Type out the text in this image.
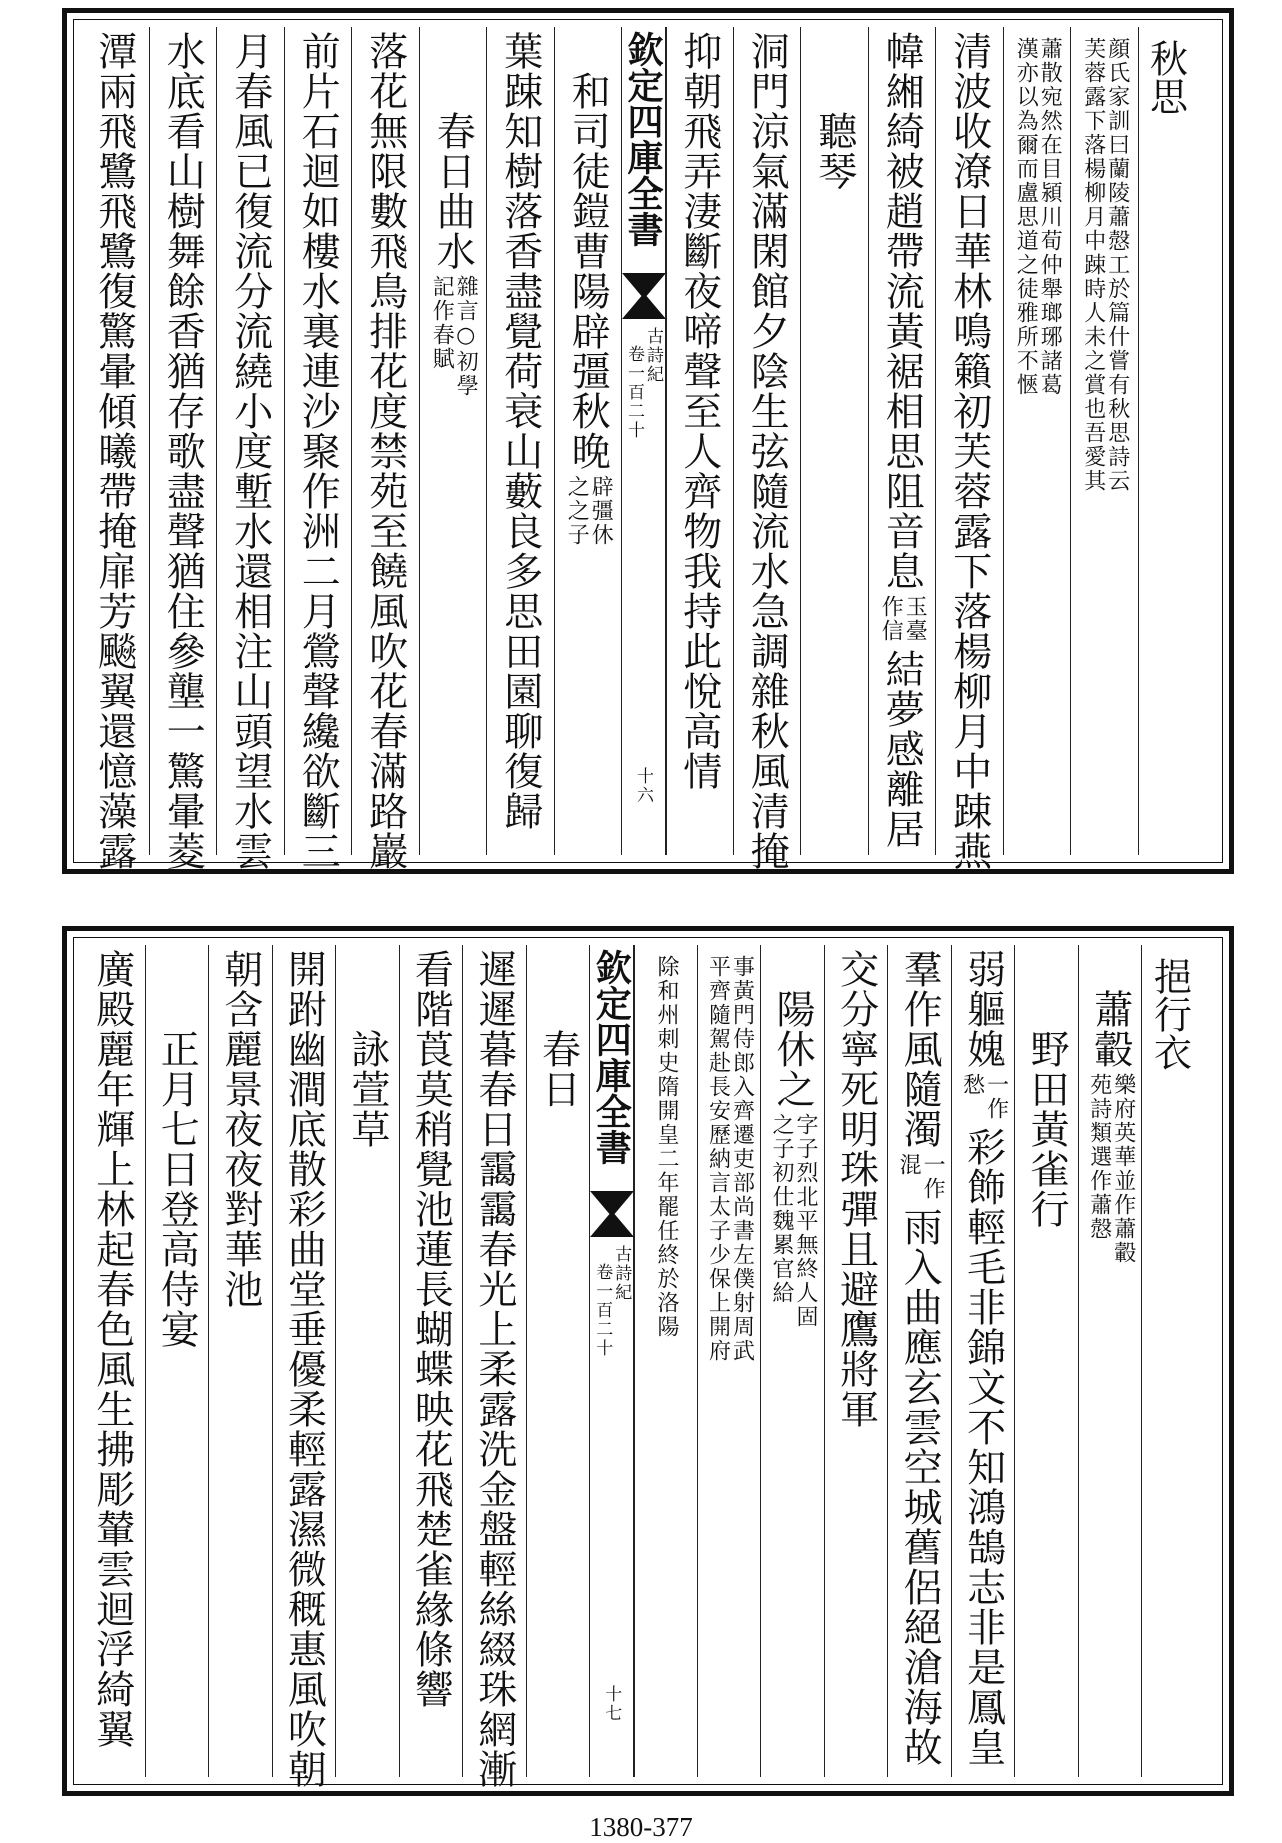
秋思
顔氏家訓曰蘭陵蕭慤工於篇什嘗有秋思詩云
芙蓉露下落楊柳月中踈時人未之賞也吾愛其
蕭散宛然在目潁川荀仲舉瑯琊諸葛
漢亦以為爾而盧思道之徒雅所不愜
清波收潦日華林鳴籟初芙蓉露下落楊柳月中踈燕
幃緗綺被趙帶流黃裾相思阻音息
玉臺
作信
結夢感離居
　　聽琴
洞門涼氣滿閑館夕陰生弦隨流水急調雜秋風清掩
抑朝飛弄淒斷夜啼聲至人齊物我持此悅高情
欽定四庫全書
古詩紀
卷一百二十
十六
　和司徒鎧曹陽辟彊秋晚
辟彊休
之之子
葉踈知樹落香盡覺荷衰山藪良多思田園聊復歸
　　春日曲水
雜言○初學
記作春賦
落花無限數飛鳥排花度禁苑至饒風吹花春滿路巖
前片石迴如樓水裏連沙聚作洲二月鶯聲纔欲斷三
月春風已復流分流繞小度塹水還相注山頭望水雲
水底看山樹舞餘香猶存歌盡聲猶住參壟一驚暈菱
潭兩飛鷺飛鷺復驚暈傾曦帶掩扉芳飈翼還憶藻露
挹行衣
　蕭轂
樂府英華並作蕭轂
苑詩類選作蕭慤
　　野田黃雀行
弱軀媿
一作
愁
彩飾輕毛非錦文不知鴻鵠志非是鳳皇
羣作風隨濁
一作
混
雨入曲應玄雲空城舊侶絕滄海故
交分寧死明珠彈且避鷹將軍
　陽休之
字子烈北平無終人固
之子初仕魏累官給
事黃門侍郎入齊遷吏部尚書左僕射周武
平齊隨駕赴長安歷納言太子少保上開府
除和州刺史隋開皇二年罷任終於洛陽
欽定四庫全書
古詩紀
卷一百二十
十七
　　春日
遲遲暮春日靄靄春光上柔露洗金盤輕絲綴珠網漸
看階莨莫稍覺池蓮長蝴蝶映花飛楚雀緣條響
　　詠萱草
開跗幽澗底散彩曲堂垂優柔輕露濕微穊惠風吹朝
朝含麗景夜夜對華池
　　正月七日登高侍宴
廣殿麗年輝上林起春色風生拂彫輦雲迴浮綺翼
1380-377
